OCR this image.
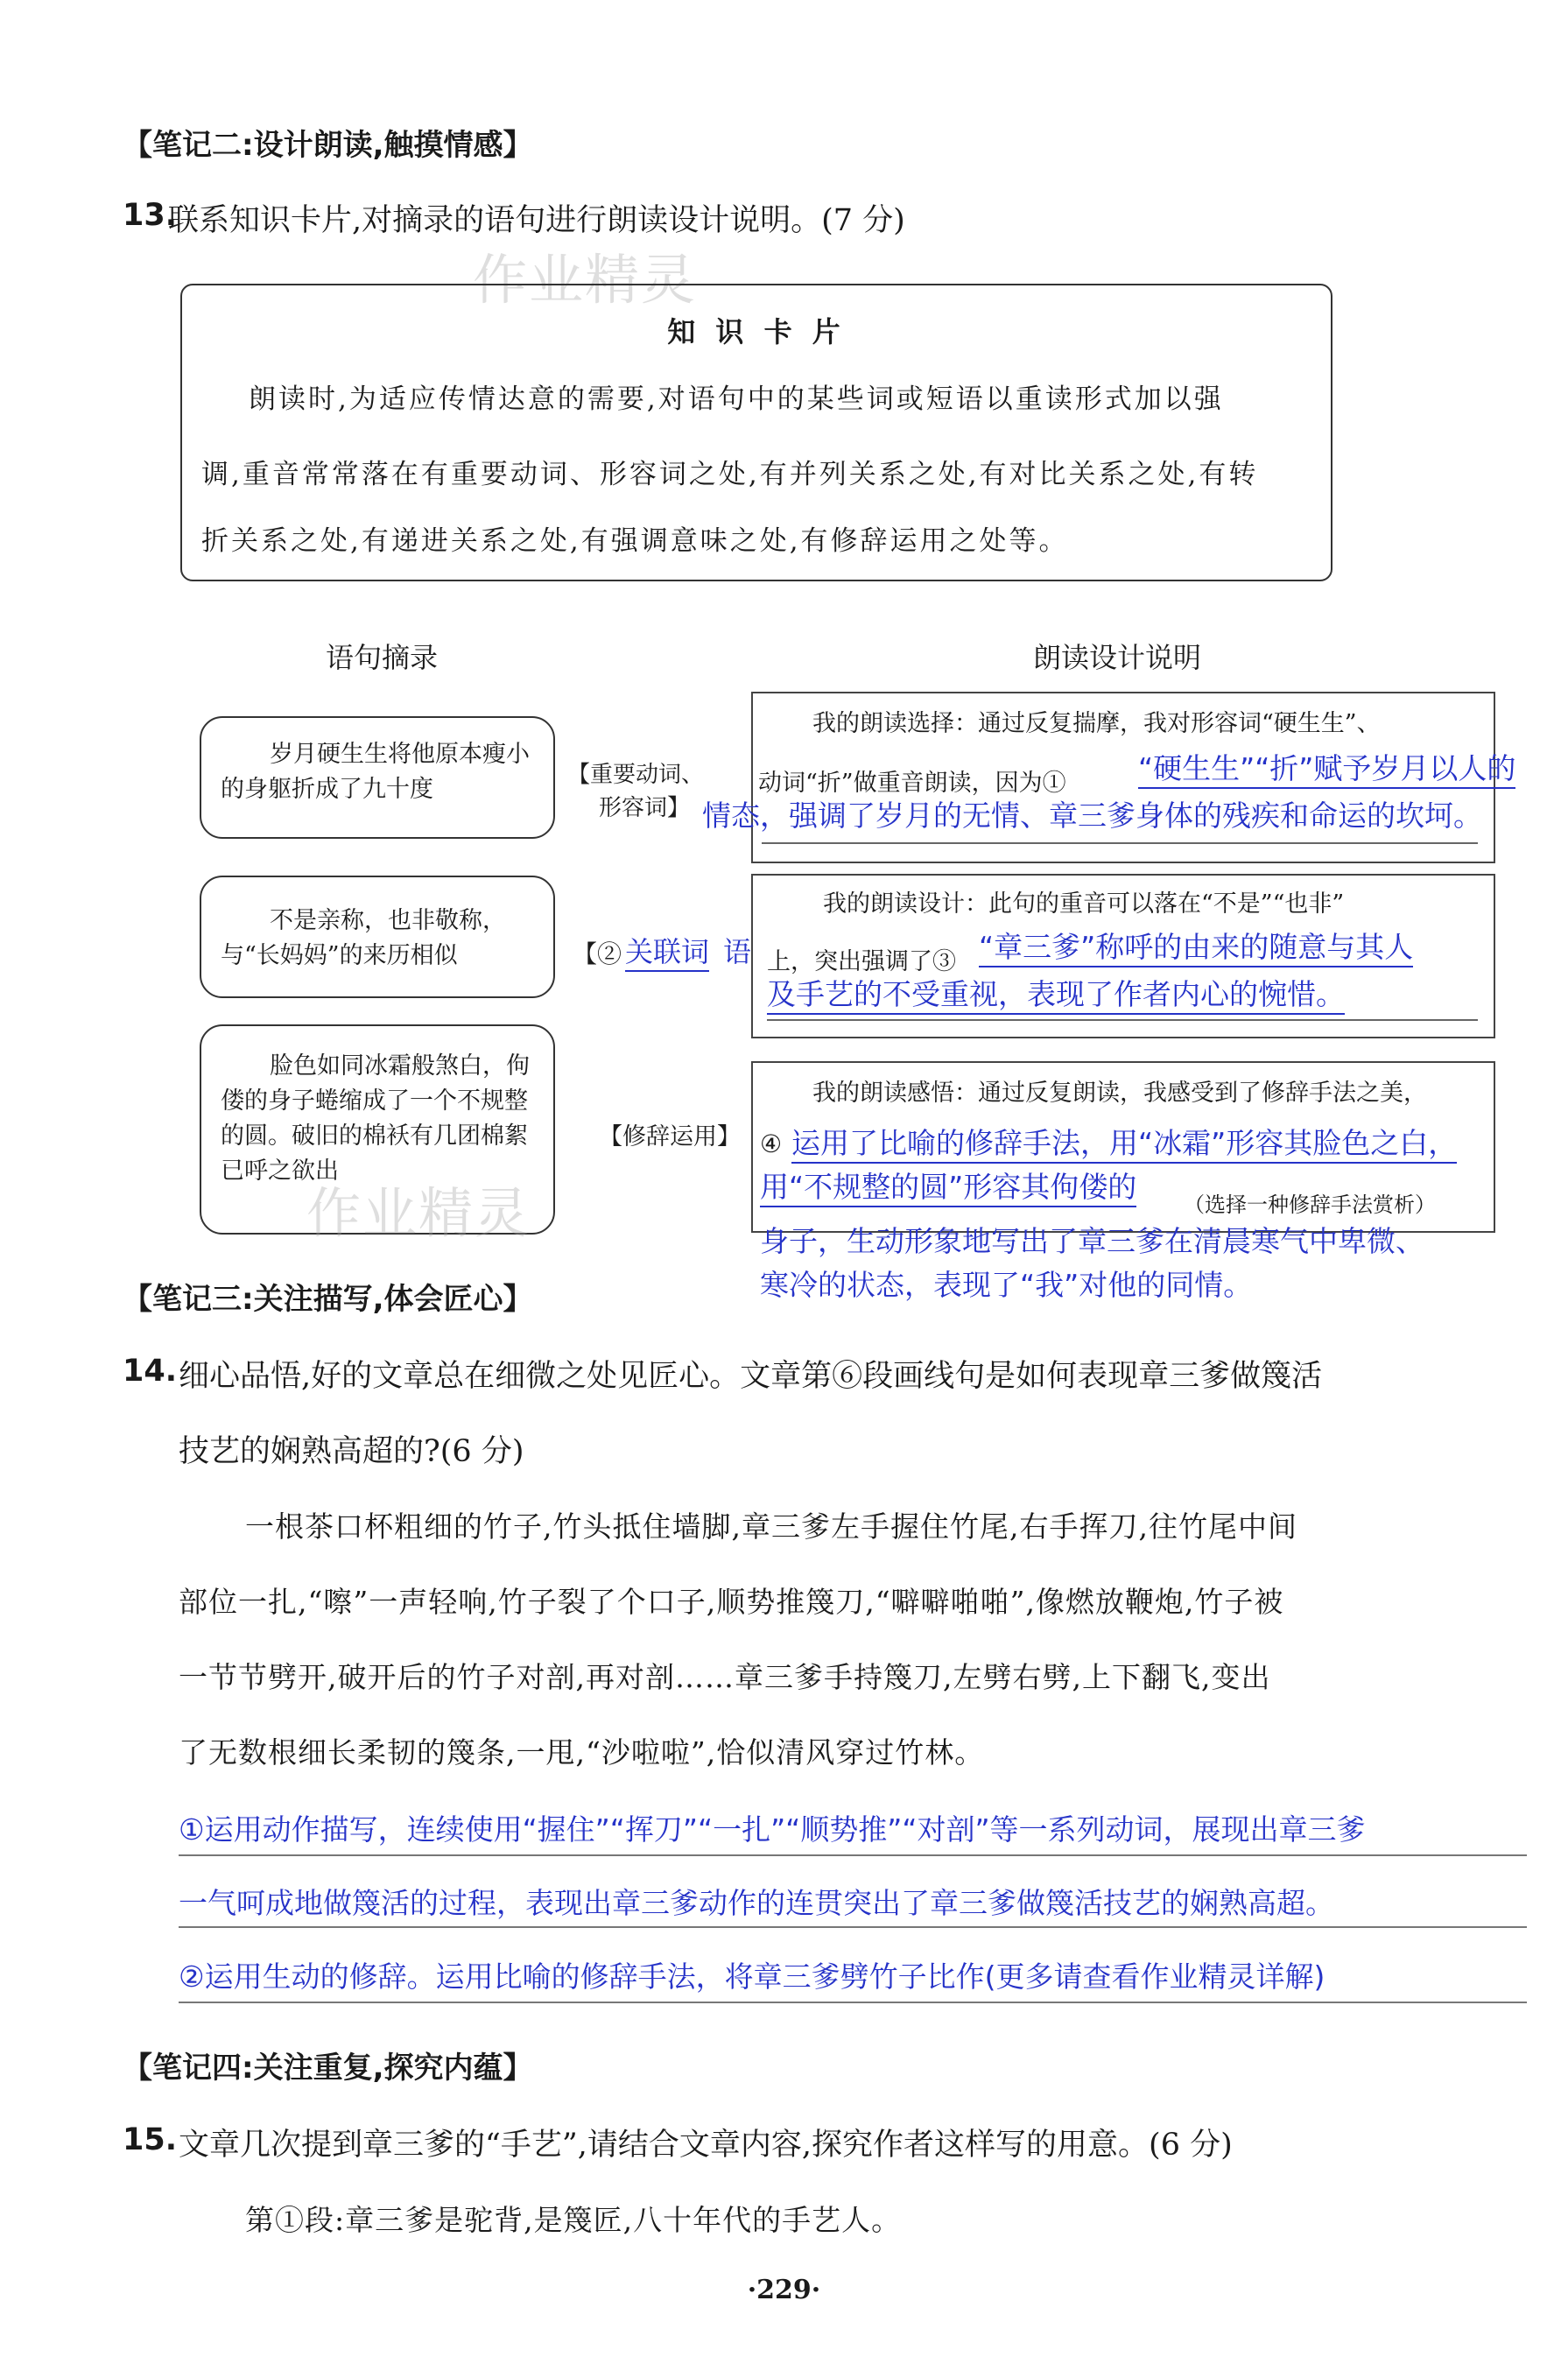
【笔记二:设计朗读,触摸情感】
13.
联系知识卡片,对摘录的语句进行朗读设计说明。(7 分)
作业精灵
知 识 卡 片
朗读时,为适应传情达意的需要,对语句中的某些词或短语以重读形式加以强
调,重音常常落在有重要动词、形容词之处,有并列关系之处,有对比关系之处,有转
折关系之处,有递进关系之处,有强调意味之处,有修辞运用之处等。
语句摘录	朗读设计说明
岁月硬生生将他原本瘦小的身躯折成了九十度
【重要动词、
形容词】
我的朗读选择：通过反复揣摩，我对形容词“硬生生”、
动词“折”做重音朗读，因为① “硬生生”“折”赋予岁月以人的
情态，强调了岁月的无情、章三爹身体的残疾和命运的坎坷。
不是亲称，也非敬称，与“长妈妈”的来历相似	【② 关联词 语
我的朗读设计：此句的重音可以落在“不是”“也非”
上，突出强调了③ “章三爹”称呼的由来的随意与其人
及手艺的不受重视，表现了作者内心的惋惜。
脸色如同冰霜般煞白，佝偻的身子蜷缩成了一个不规整的圆。破旧的棉袄有几团棉絮已呼之欲出
作业精灵
【修辞运用】
我的朗读感悟：通过反复朗读，我感受到了修辞手法之美，
④ 运用了比喻的修辞手法，用“冰霜”形容其脸色之白，
用“不规整的圆”形容其佝偻的
（选择一种修辞手法赏析）
身子，生动形象地写出了章三爹在清晨寒气中卑微、
寒冷的状态，表现了“我”对他的同情。
【笔记三:关注描写,体会匠心】
14. 细心品悟,好的文章总在细微之处见匠心。文章第⑥段画线句是如何表现章三爹做篾活
技艺的娴熟高超的?(6 分)
一根茶口杯粗细的竹子,竹头抵住墙脚,章三爹左手握住竹尾,右手挥刀,往竹尾中间
部位一扎,“嚓”一声轻响,竹子裂了个口子,顺势推篾刀,“噼噼啪啪”,像燃放鞭炮,竹子被
一节节劈开,破开后的竹子对剖,再对剖……章三爹手持篾刀,左劈右劈,上下翻飞,变出
了无数根细长柔韧的篾条,一甩,“沙啦啦”,恰似清风穿过竹林。
①运用动作描写，连续使用“握住”“挥刀”“一扎”“顺势推”“对剖”等一系列动词，展现出章三爹
一气呵成地做篾活的过程，表现出章三爹动作的连贯突出了章三爹做篾活技艺的娴熟高超。
②运用生动的修辞。运用比喻的修辞手法，将章三爹劈竹子比作(更多请查看作业精灵详解)
【笔记四:关注重复,探究内蕴】
15. 文章几次提到章三爹的“手艺”,请结合文章内容,探究作者这样写的用意。(6 分)
第①段:章三爹是驼背,是篾匠,八十年代的手艺人。
·229·
